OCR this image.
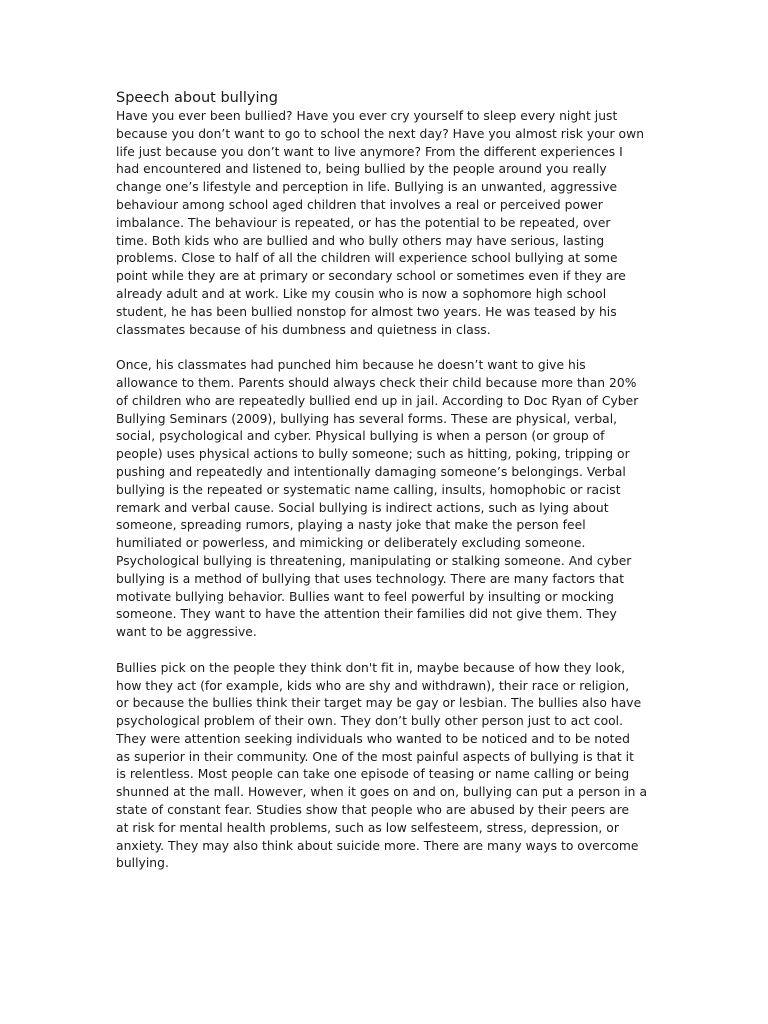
Speech about bullying

Have you ever been bullied? Have you ever cry yourself to sleep every night just
because you don’t want to go to school the next day? Have you almost risk your own
life just because you don’t want to live anymore? From the different experiences I
had encountered and listened to, being bullied by the people around you really
change one’s lifestyle and perception in life. Bullying is an unwanted, aggressive
behaviour among school aged children that involves a real or perceived power
imbalance. The behaviour is repeated, or has the potential to be repeated, over
time. Both kids who are bullied and who bully others may have serious, lasting
problems. Close to half of all the children will experience school bullying at some
point while they are at primary or secondary school or sometimes even if they are
already adult and at work. Like my cousin who is now a sophomore high school
student, he has been bullied nonstop for almost two years. He was teased by his
classmates because of his dumbness and quietness in class.

Once, his classmates had punched him because he doesn’t want to give his
allowance to them. Parents should always check their child because more than 20%
of children who are repeatedly bullied end up in jail. According to Doc Ryan of Cyber
Bullying Seminars (2009), bullying has several forms. These are physical, verbal,
social, psychological and cyber. Physical bullying is when a person (or group of
people) uses physical actions to bully someone; such as hitting, poking, tripping or
pushing and repeatedly and intentionally damaging someone’s belongings. Verbal
bullying is the repeated or systematic name calling, insults, homophobic or racist
remark and verbal cause. Social bullying is indirect actions, such as lying about
someone, spreading rumors, playing a nasty joke that make the person feel
humiliated or powerless, and mimicking or deliberately excluding someone.
Psychological bullying is threatening, manipulating or stalking someone. And cyber
bullying is a method of bullying that uses technology. There are many factors that
motivate bullying behavior. Bullies want to feel powerful by insulting or mocking
someone. They want to have the attention their families did not give them. They
want to be aggressive.

Bullies pick on the people they think don't fit in, maybe because of how they look,
how they act (for example, kids who are shy and withdrawn), their race or religion,
or because the bullies think their target may be gay or lesbian. The bullies also have
psychological problem of their own. They don’t bully other person just to act cool.
They were attention seeking individuals who wanted to be noticed and to be noted
as superior in their community. One of the most painful aspects of bullying is that it
is relentless. Most people can take one episode of teasing or name calling or being
shunned at the mall. However, when it goes on and on, bullying can put a person in a
state of constant fear. Studies show that people who are abused by their peers are
at risk for mental health problems, such as low selfesteem, stress, depression, or
anxiety. They may also think about suicide more. There are many ways to overcome
bullying.
